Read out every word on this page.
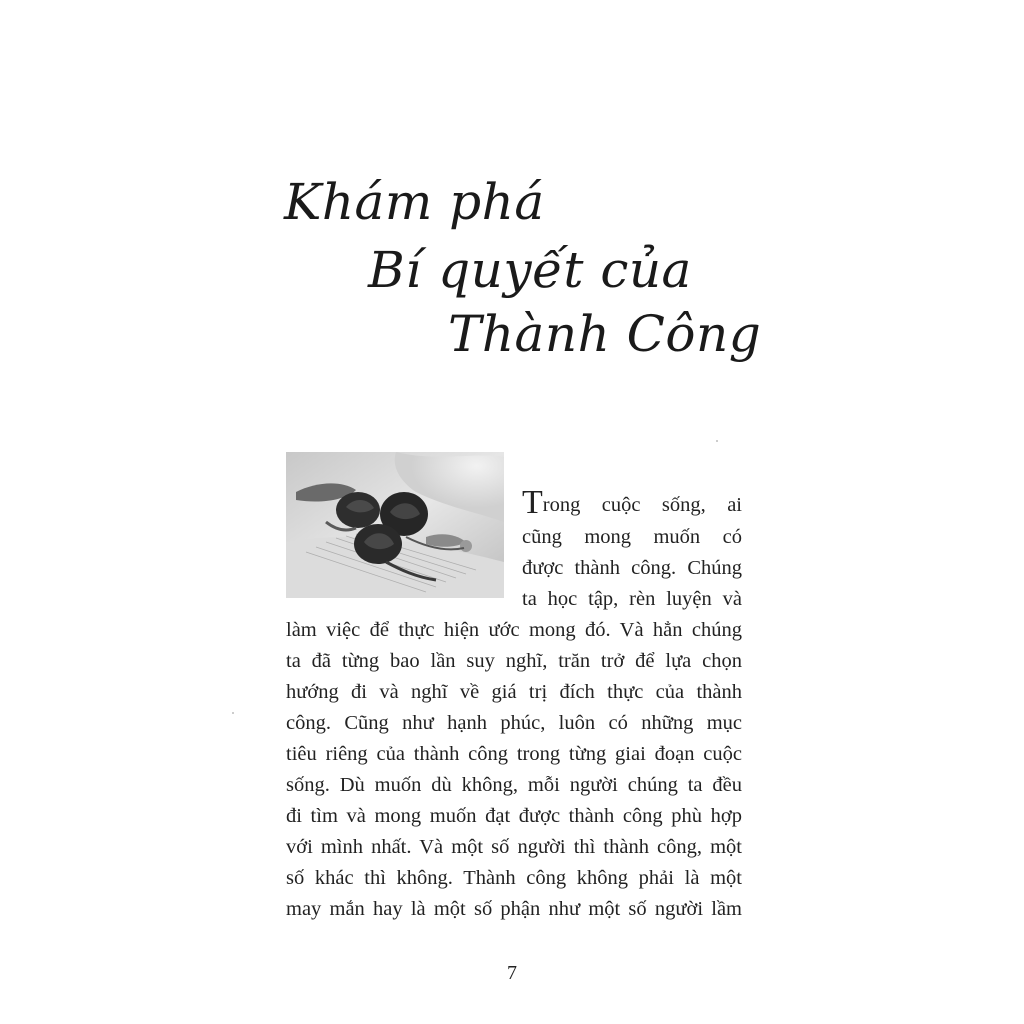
Khám phá
Bí quyết của
Thành Công
Trong cuộc sống, ai
cũng mong muốn có
được thành công. Chúng
ta học tập, rèn luyện và
làm việc để thực hiện ước mong đó. Và hẳn chúng
ta đã từng bao lần suy nghĩ, trăn trở để lựa chọn
hướng đi và nghĩ về giá trị đích thực của thành
công. Cũng như hạnh phúc, luôn có những mục
tiêu riêng của thành công trong từng giai đoạn cuộc
sống. Dù muốn dù không, mỗi người chúng ta đều
đi tìm và mong muốn đạt được thành công phù hợp
với mình nhất. Và một số người thì thành công, một
số khác thì không. Thành công không phải là một
may mắn hay là một số phận như một số người lầm
7
